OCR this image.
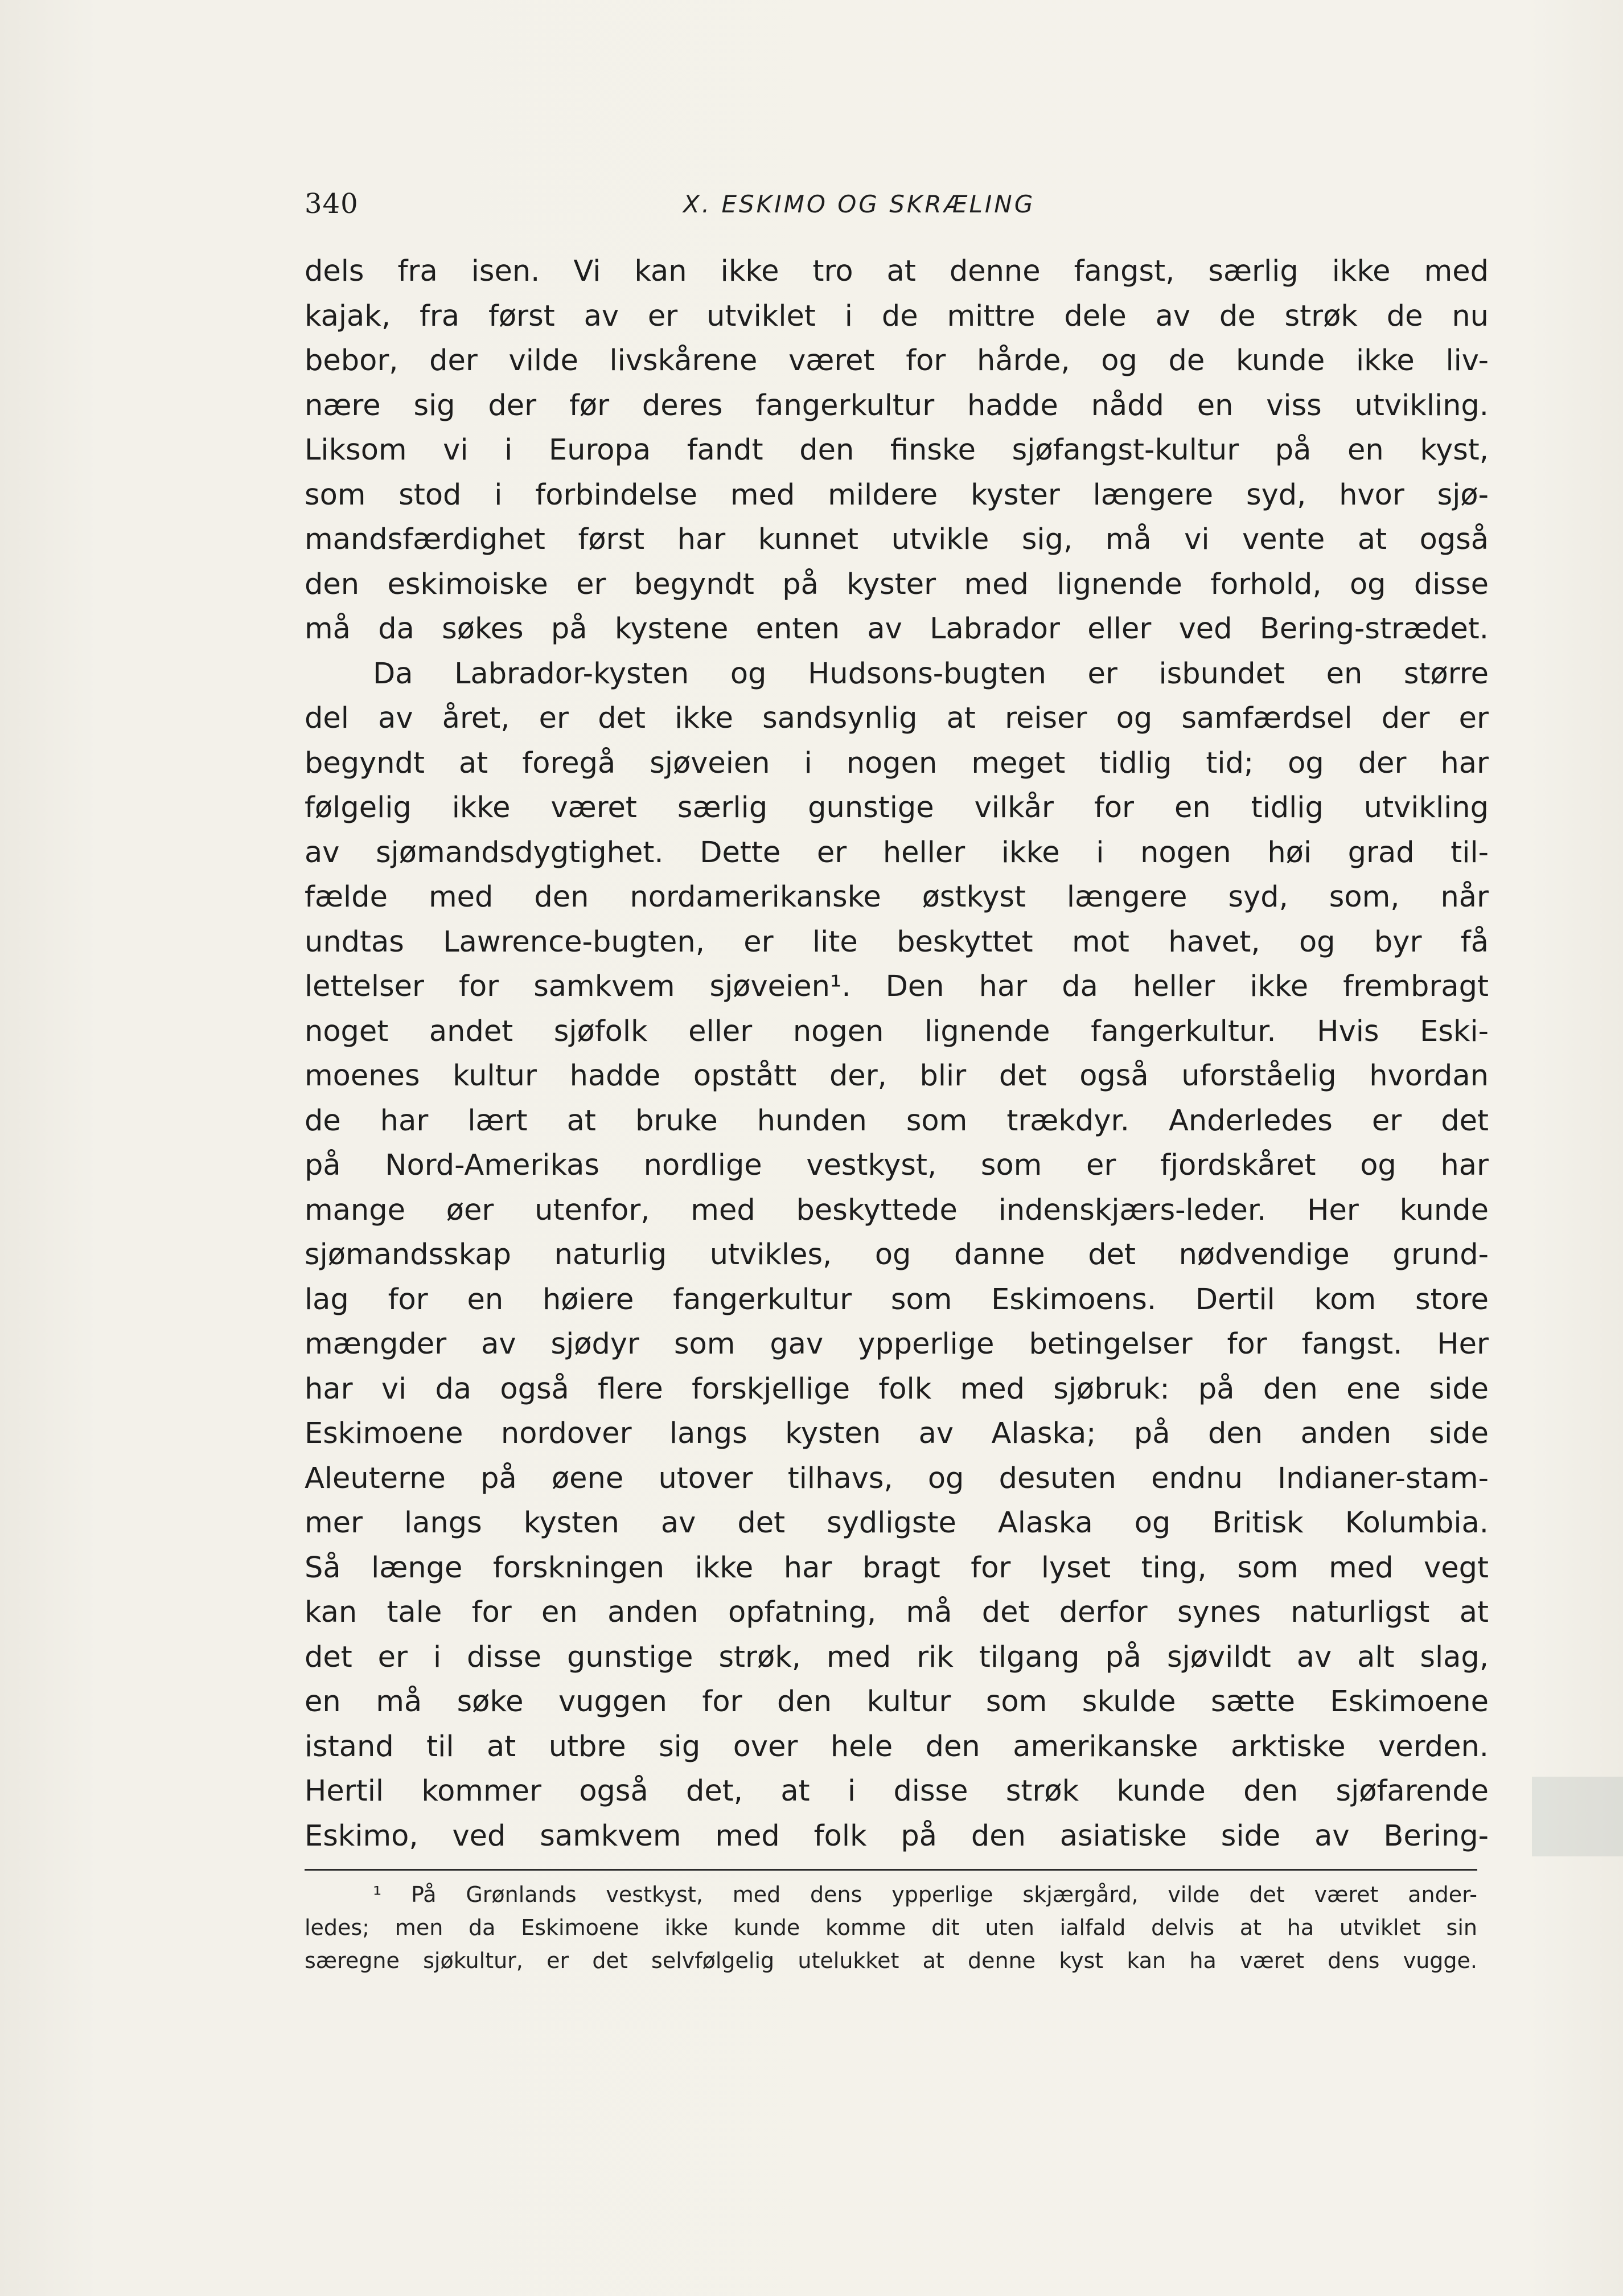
340	X. ESKIMO OG SKRÆLING
dels fra isen. Vi kan ikke tro at denne fangst, særlig ikke med
kajak, fra først av er utviklet i de mittre dele av de strøk de nu
bebor, der vilde livskårene været for hårde, og de kunde ikke liv-
nære sig der før deres fangerkultur hadde nådd en viss utvikling.
Liksom vi i Europa fandt den finske sjøfangst-kultur på en kyst,
som stod i forbindelse med mildere kyster længere syd, hvor sjø-
mandsfærdighet først har kunnet utvikle sig, må vi vente at også
den eskimoiske er begyndt på kyster med lignende forhold, og disse
må da søkes på kystene enten av Labrador eller ved Bering-strædet.
Da Labrador-kysten og Hudsons-bugten er isbundet en større
del av året, er det ikke sandsynlig at reiser og samfærdsel der er
begyndt at foregå sjøveien i nogen meget tidlig tid; og der har
følgelig ikke været særlig gunstige vilkår for en tidlig utvikling
av sjømandsdygtighet. Dette er heller ikke i nogen høi grad til-
fælde med den nordamerikanske østkyst længere syd, som, når
undtas Lawrence-bugten, er lite beskyttet mot havet, og byr få
lettelser for samkvem sjøveien¹. Den har da heller ikke frembragt
noget andet sjøfolk eller nogen lignende fangerkultur. Hvis Eski-
moenes kultur hadde opstått der, blir det også uforståelig hvordan
de har lært at bruke hunden som trækdyr. Anderledes er det
på Nord-Amerikas nordlige vestkyst, som er fjordskåret og har
mange øer utenfor, med beskyttede indenskjærs-leder. Her kunde
sjømandsskap naturlig utvikles, og danne det nødvendige grund-
lag for en høiere fangerkultur som Eskimoens. Dertil kom store
mængder av sjødyr som gav ypperlige betingelser for fangst. Her
har vi da også flere forskjellige folk med sjøbruk: på den ene side
Eskimoene nordover langs kysten av Alaska; på den anden side
Aleuterne på øene utover tilhavs, og desuten endnu Indianer-stam-
mer langs kysten av det sydligste Alaska og Britisk Kolumbia.
Så længe forskningen ikke har bragt for lyset ting, som med vegt
kan tale for en anden opfatning, må det derfor synes naturligst at
det er i disse gunstige strøk, med rik tilgang på sjøvildt av alt slag,
en må søke vuggen for den kultur som skulde sætte Eskimoene
istand til at utbre sig over hele den amerikanske arktiske verden.
Hertil kommer også det, at i disse strøk kunde den sjøfarende
Eskimo, ved samkvem med folk på den asiatiske side av Bering-
¹ På Grønlands vestkyst, med dens ypperlige skjærgård, vilde det været ander-
ledes; men da Eskimoene ikke kunde komme dit uten ialfald delvis at ha utviklet sin
særegne sjøkultur, er det selvfølgelig utelukket at denne kyst kan ha været dens vugge.
